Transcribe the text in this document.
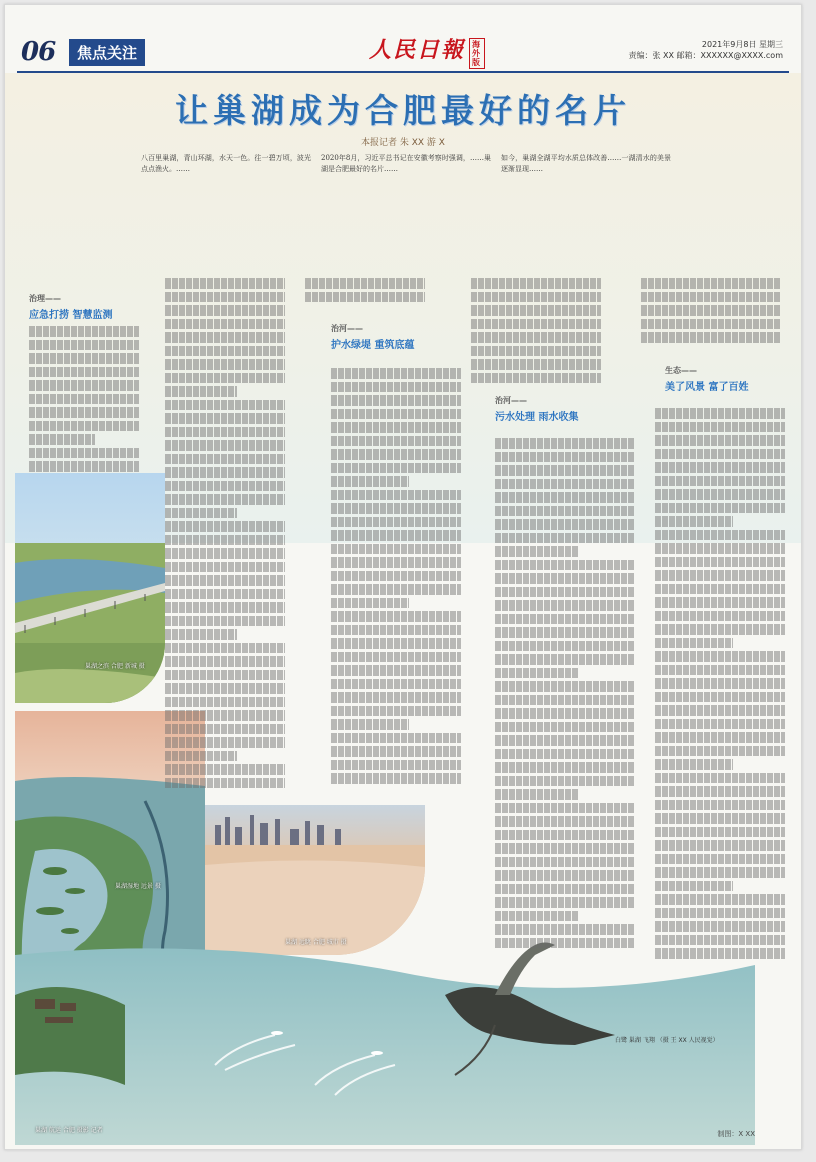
06	焦点关注	人民日報 海外版
2021年9月8日 星期三
责编：张 XX 邮箱：XXXXXX@XXXX.com
让巢湖成为合肥最好的名片
本报记者 朱 XX 游 X
八百里巢湖，青山环湖，水天一色。往一碧万顷，波光点点渔火。……
2020年8月，习近平总书记在安徽考察时强调，……巢湖是合肥最好的名片……
如今，巢湖全湖平均水质总体改善……一湖清水的美景逐渐显现……
巢湖之滨 合肥 新城 摄
巢湖湿地 远景 摄
巢湖 远眺 合肥 城市 摄
巢湖 航运 合肥 摄影 记者
白鹭 巢湖 飞翔 （摄 王 XX 人民视觉）
治理——
应急打捞 智慧监测
治河——
护水绿堤 重筑底蕴
治河——
污水处理 雨水收集
生态——
美了风景 富了百姓
制图：X XX
